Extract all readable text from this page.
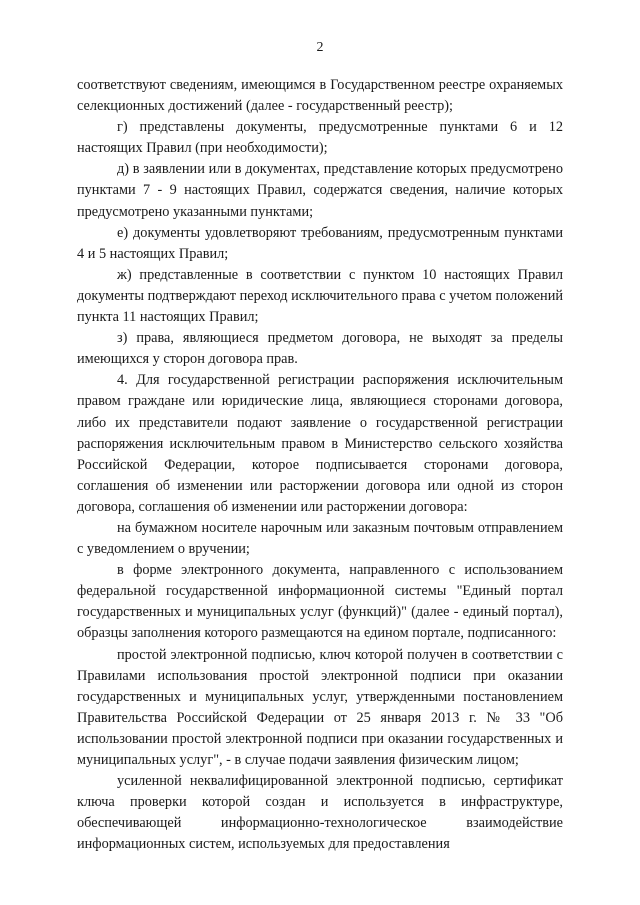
2

соответствуют сведениям, имеющимся в Государственном реестре охраняемых селекционных достижений (далее - государственный реестр);

г) представлены документы, предусмотренные пунктами 6 и 12 настоящих Правил (при необходимости);

д) в заявлении или в документах, представление которых предусмотрено пунктами 7 - 9 настоящих Правил, содержатся сведения, наличие которых предусмотрено указанными пунктами;

е) документы удовлетворяют требованиям, предусмотренным пунктами 4 и 5 настоящих Правил;

ж) представленные в соответствии с пунктом 10 настоящих Правил документы подтверждают переход исключительного права с учетом положений пункта 11 настоящих Правил;

з) права, являющиеся предметом договора, не выходят за пределы имеющихся у сторон договора прав.

4. Для государственной регистрации распоряжения исключительным правом граждане или юридические лица, являющиеся сторонами договора, либо их представители подают заявление о государственной регистрации распоряжения исключительным правом в Министерство сельского хозяйства Российской Федерации, которое подписывается сторонами договора, соглашения об изменении или расторжении договора или одной из сторон договора, соглашения об изменении или расторжении договора:

на бумажном носителе нарочным или заказным почтовым отправлением с уведомлением о вручении;

в форме электронного документа, направленного с использованием федеральной государственной информационной системы "Единый портал государственных и муниципальных услуг (функций)" (далее - единый портал), образцы заполнения которого размещаются на едином портале, подписанного:

простой электронной подписью, ключ которой получен в соответствии с Правилами использования простой электронной подписи при оказании государственных и муниципальных услуг, утвержденными постановлением Правительства Российской Федерации от 25 января 2013 г. № 33 "Об использовании простой электронной подписи при оказании государственных и муниципальных услуг", - в случае подачи заявления физическим лицом;

усиленной неквалифицированной электронной подписью, сертификат ключа проверки которой создан и используется в инфраструктуре, обеспечивающей информационно-технологическое взаимодействие информационных систем, используемых для предоставления
